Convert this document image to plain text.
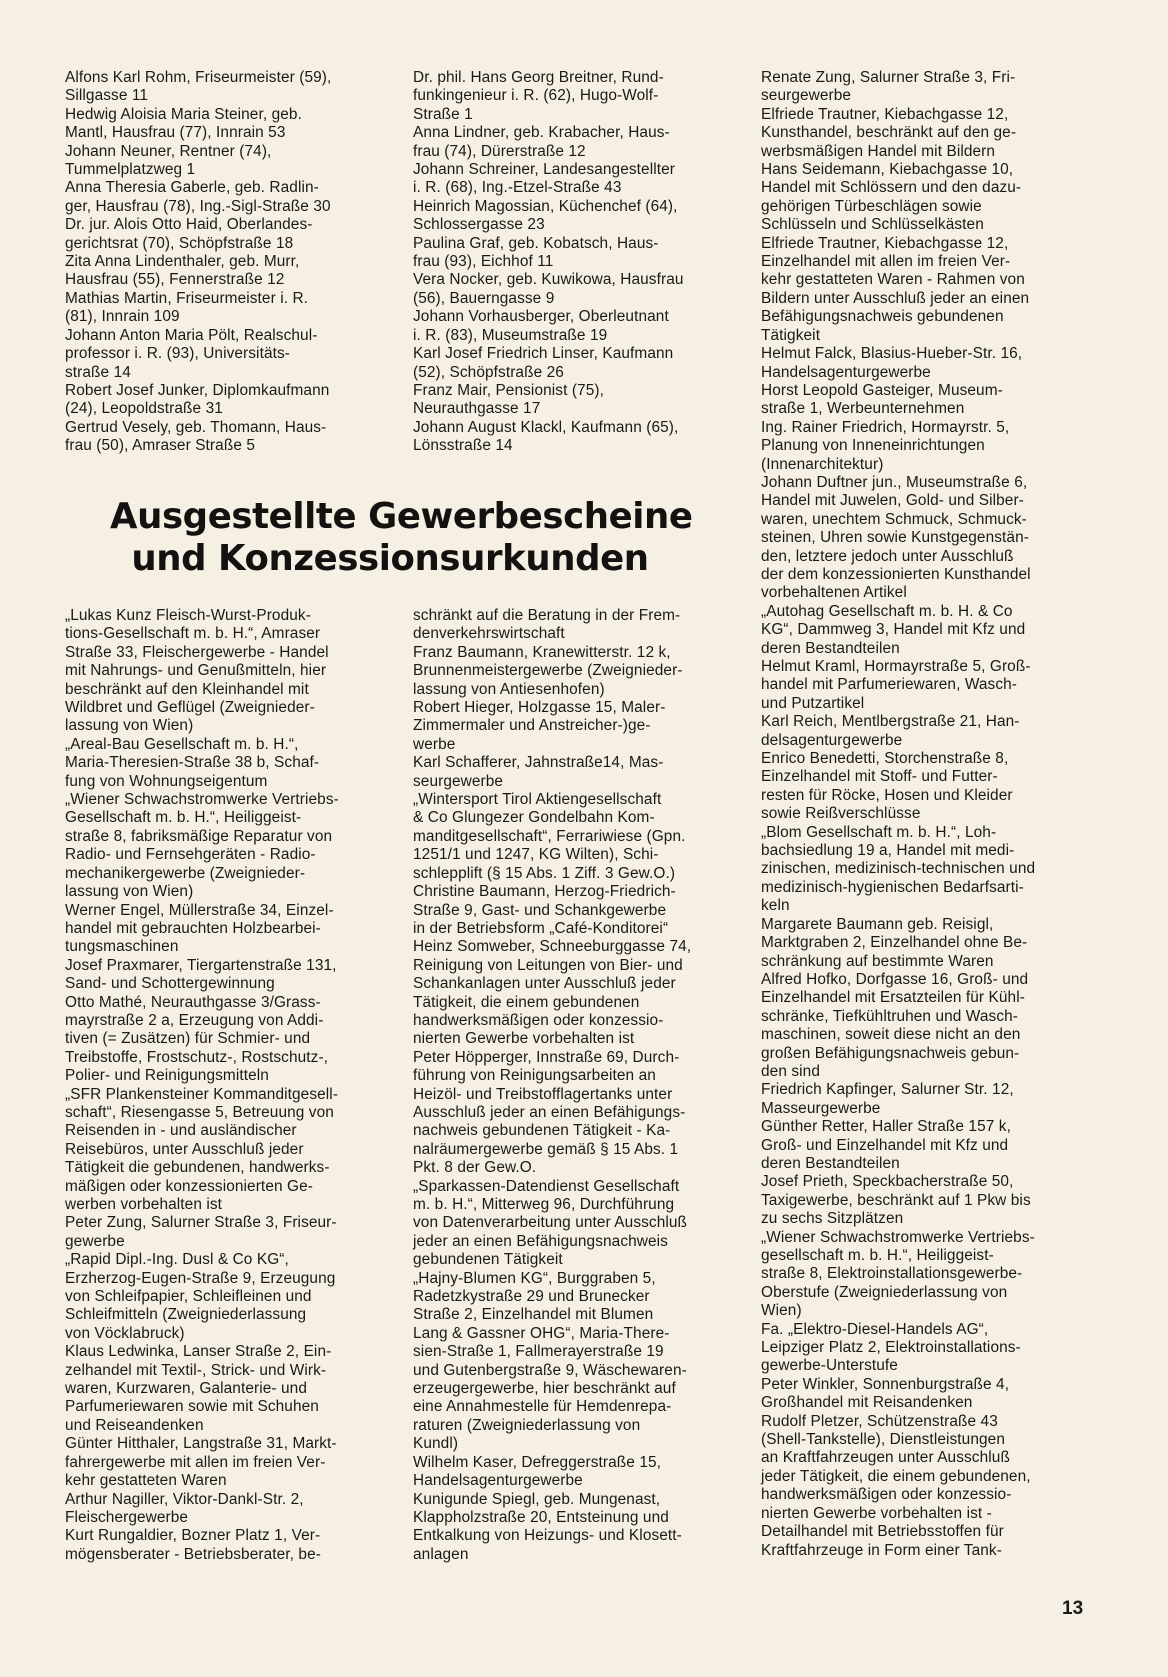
Alfons Karl Rohm, Friseurmeister (59),
Sillgasse 11

Hedwig Aloisia Maria Steiner, geb.
Mantl, Hausfrau (77), Innrain 53

Johann Neuner, Rentner (74),
Tummelplatzweg 1

Anna Theresia Gaberle, geb. Radlin-
ger, Hausfrau (78), Ing.-Sigl-Straße 30

Dr. jur. Alois Otto Haid, Oberlandes-
gerichtsrat (70), Schöpfstraße 18

Zita Anna Lindenthaler, geb. Murr,
Hausfrau (55), Fennerstraße 12

Mathias Martin, Friseurmeister i. R.
(81), Innrain 109

Johann Anton Maria Pölt, Realschul-
professor i. R. (93), Universitäts-
straße 14

Robert Josef Junker, Diplomkaufmann
(24), Leopoldstraße 31

Gertrud Vesely, geb. Thomann, Haus-
frau (50), Amraser Straße 5

Dr. phil. Hans Georg Breitner, Rund-
funkingenieur i. R. (62), Hugo-Wolf-
Straße 1

Anna Lindner, geb. Krabacher, Haus-
frau (74), Dürerstraße 12

Johann Schreiner, Landesangestellter
i. R. (68), Ing.-Etzel-Straße 43

Heinrich Magossian, Küchenchef (64),
Schlossergasse 23

Paulina Graf, geb. Kobatsch, Haus-
frau (93), Eichhof 11

Vera Nocker, geb. Kuwikowa, Hausfrau
(56), Bauerngasse 9

Johann Vorhausberger, Oberleutnant
i. R. (83), Museumstraße 19

Karl Josef Friedrich Linser, Kaufmann
(52), Schöpfstraße 26

Franz Mair, Pensionist (75),
Neurauthgasse 17

Johann August Klackl, Kaufmann (65),
Lönsstraße 14

Ausgestellte Gewerbescheine
und Konzessionsurkunden

„Lukas Kunz Fleisch-Wurst-Produk-
tions-Gesellschaft m. b. H.“, Amraser
Straße 33, Fleischergewerbe - Handel
mit Nahrungs- und Genußmitteln, hier
beschränkt auf den Kleinhandel mit
Wildbret und Geflügel (Zweignieder-
lassung von Wien)

„Areal-Bau Gesellschaft m. b. H.“,
Maria-Theresien-Straße 38 b, Schaf-
fung von Wohnungseigentum

„Wiener Schwachstromwerke Vertriebs-
Gesellschaft m. b. H.“, Heiliggeist-
straße 8, fabriksmäßige Reparatur von
Radio- und Fernsehgeräten - Radio-
mechanikergewerbe (Zweignieder-
lassung von Wien)

Werner Engel, Müllerstraße 34, Einzel-
handel mit gebrauchten Holzbearbei-
tungsmaschinen

Josef Praxmarer, Tiergartenstraße 131,
Sand- und Schottergewinnung

Otto Mathé, Neurauthgasse 3/Grass-
mayrstraße 2 a, Erzeugung von Addi-
tiven (= Zusätzen) für Schmier- und
Treibstoffe, Frostschutz-, Rostschutz-,
Polier- und Reinigungsmitteln

„SFR Plankensteiner Kommanditgesell-
schaft“, Riesengasse 5, Betreuung von
Reisenden in - und ausländischer
Reisebüros, unter Ausschluß jeder
Tätigkeit die gebundenen, handwerks-
mäßigen oder konzessionierten Ge-
werben vorbehalten ist

Peter Zung, Salurner Straße 3, Friseur-
gewerbe

„Rapid Dipl.-Ing. Dusl & Co KG“,
Erzherzog-Eugen-Straße 9, Erzeugung
von Schleifpapier, Schleifleinen und
Schleifmitteln (Zweigniederlassung
von Vöcklabruck)

Klaus Ledwinka, Lanser Straße 2, Ein-
zelhandel mit Textil-, Strick- und Wirk-
waren, Kurzwaren, Galanterie- und
Parfumeriewaren sowie mit Schuhen
und Reiseandenken

Günter Hitthaler, Langstraße 31, Markt-
fahrergewerbe mit allen im freien Ver-
kehr gestatteten Waren

Arthur Nagiller, Viktor-Dankl-Str. 2,
Fleischergewerbe

Kurt Rungaldier, Bozner Platz 1, Ver-
mögensberater - Betriebsberater, be-

schränkt auf die Beratung in der Frem-
denverkehrswirtschaft

Franz Baumann, Kranewitterstr. 12 k,
Brunnenmeistergewerbe (Zweignieder-
lassung von Antiesenhofen)

Robert Hieger, Holzgasse 15, Maler-
Zimmermaler und Anstreicher-)ge-
werbe

Karl Schafferer, Jahnstraße14, Mas-
seurgewerbe

„Wintersport Tirol Aktiengesellschaft
& Co Glungezer Gondelbahn Kom-
manditgesellschaft“, Ferrariwiese (Gpn.
1251/1 und 1247, KG Wilten), Schi-
schlepplift (§ 15 Abs. 1 Ziff. 3 Gew.O.)

Christine Baumann, Herzog-Friedrich-
Straße 9, Gast- und Schankgewerbe
in der Betriebsform „Café-Konditorei“

Heinz Somweber, Schneeburggasse 74,
Reinigung von Leitungen von Bier- und
Schankanlagen unter Ausschluß jeder
Tätigkeit, die einem gebundenen
handwerksmäßigen oder konzessio-
nierten Gewerbe vorbehalten ist

Peter Höpperger, Innstraße 69, Durch-
führung von Reinigungsarbeiten an
Heizöl- und Treibstofflagertanks unter
Ausschluß jeder an einen Befähigungs-
nachweis gebundenen Tätigkeit - Ka-
nalräumergewerbe gemäß § 15 Abs. 1
Pkt. 8 der Gew.O.

„Sparkassen-Datendienst Gesellschaft
m. b. H.“, Mitterweg 96, Durchführung
von Datenverarbeitung unter Ausschluß
jeder an einen Befähigungsnachweis
gebundenen Tätigkeit

„Hajny-Blumen KG“, Burggraben 5,
Radetzkystraße 29 und Brunecker
Straße 2, Einzelhandel mit Blumen

Lang & Gassner OHG“, Maria-There-
sien-Straße 1, Fallmerayerstraße 19
und Gutenbergstraße 9, Wäschewaren-
erzeugergewerbe, hier beschränkt auf
eine Annahmestelle für Hemdenrepa-
raturen (Zweigniederlassung von
Kundl)

Wilhelm Kaser, Defreggerstraße 15,
Handelsagenturgewerbe

Kunigunde Spiegl, geb. Mungenast,
Klappholzstraße 20, Entsteinung und
Entkalkung von Heizungs- und Klosett-
anlagen

Renate Zung, Salurner Straße 3, Fri-
seurgewerbe

Elfriede Trautner, Kiebachgasse 12,
Kunsthandel, beschränkt auf den ge-
werbsmäßigen Handel mit Bildern

Hans Seidemann, Kiebachgasse 10,
Handel mit Schlössern und den dazu-
gehörigen Türbeschlägen sowie
Schlüsseln und Schlüsselkästen

Elfriede Trautner, Kiebachgasse 12,
Einzelhandel mit allen im freien Ver-
kehr gestatteten Waren - Rahmen von
Bildern unter Ausschluß jeder an einen
Befähigungsnachweis gebundenen
Tätigkeit

Helmut Falck, Blasius-Hueber-Str. 16,
Handelsagenturgewerbe

Horst Leopold Gasteiger, Museum-
straße 1, Werbeunternehmen

Ing. Rainer Friedrich, Hormayrstr. 5,
Planung von Inneneinrichtungen
(Innenarchitektur)

Johann Duftner jun., Museumstraße 6,
Handel mit Juwelen, Gold- und Silber-
waren, unechtem Schmuck, Schmuck-
steinen, Uhren sowie Kunstgegenstän-
den, letztere jedoch unter Ausschluß
der dem konzessionierten Kunsthandel
vorbehaltenen Artikel

„Autohag Gesellschaft m. b. H. & Co
KG“, Dammweg 3, Handel mit Kfz und
deren Bestandteilen

Helmut Kraml, Hormayrstraße 5, Groß-
handel mit Parfumeriewaren, Wasch-
und Putzartikel

Karl Reich, Mentlbergstraße 21, Han-
delsagenturgewerbe

Enrico Benedetti, Storchenstraße 8,
Einzelhandel mit Stoff- und Futter-
resten für Röcke, Hosen und Kleider
sowie Reißverschlüsse

„Blom Gesellschaft m. b. H.“, Loh-
bachsiedlung 19 a, Handel mit medi-
zinischen, medizinisch-technischen und
medizinisch-hygienischen Bedarfsarti-
keln

Margarete Baumann geb. Reisigl,
Marktgraben 2, Einzelhandel ohne Be-
schränkung auf bestimmte Waren

Alfred Hofko, Dorfgasse 16, Groß- und
Einzelhandel mit Ersatzteilen für Kühl-
schränke, Tiefkühltruhen und Wasch-
maschinen, soweit diese nicht an den
großen Befähigungsnachweis gebun-
den sind

Friedrich Kapfinger, Salurner Str. 12,
Masseurgewerbe

Günther Retter, Haller Straße 157 k,
Groß- und Einzelhandel mit Kfz und
deren Bestandteilen

Josef Prieth, Speckbacherstraße 50,
Taxigewerbe, beschränkt auf 1 Pkw bis
zu sechs Sitzplätzen

„Wiener Schwachstromwerke Vertriebs-
gesellschaft m. b. H.“, Heiliggeist-
straße 8, Elektroinstallationsgewerbe-
Oberstufe (Zweigniederlassung von
Wien)

Fa. „Elektro-Diesel-Handels AG“,
Leipziger Platz 2, Elektroinstallations-
gewerbe-Unterstufe

Peter Winkler, Sonnenburgstraße 4,
Großhandel mit Reisandenken

Rudolf Pletzer, Schützenstraße 43
(Shell-Tankstelle), Dienstleistungen
an Kraftfahrzeugen unter Ausschluß
jeder Tätigkeit, die einem gebundenen,
handwerksmäßigen oder konzessio-
nierten Gewerbe vorbehalten ist -
Detailhandel mit Betriebsstoffen für
Kraftfahrzeuge in Form einer Tank-

13
